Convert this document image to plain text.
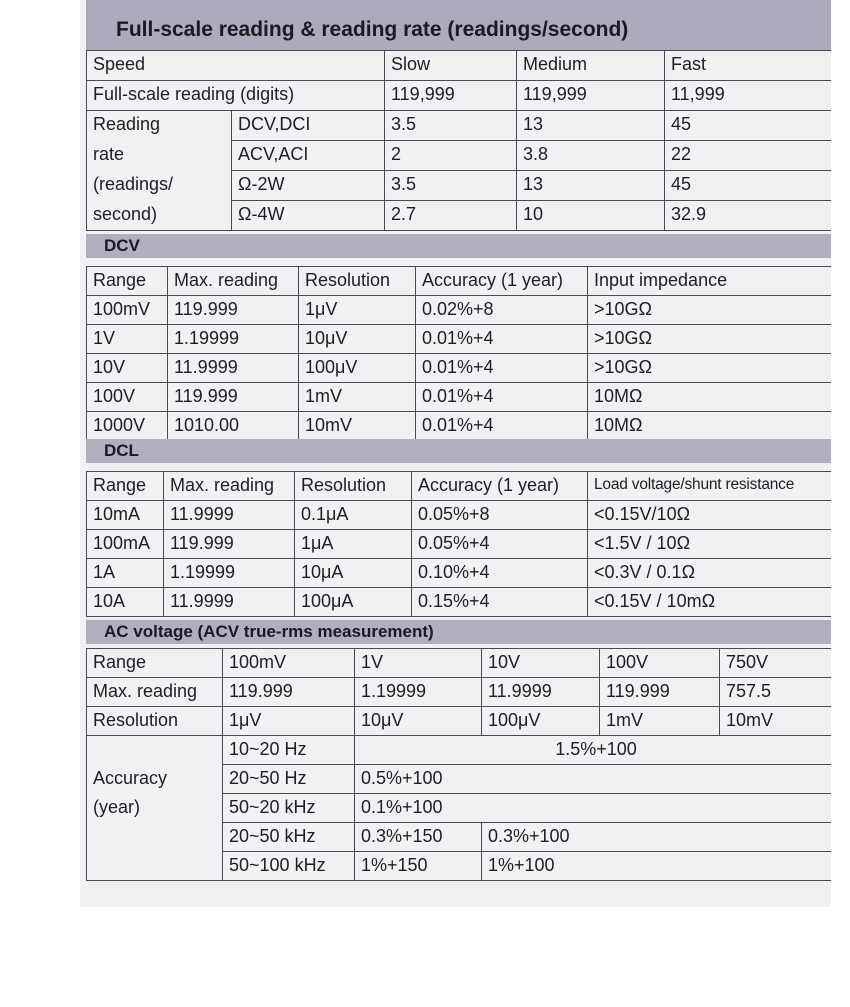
Full-scale reading & reading rate (readings/second)
Speed		Slow	Medium	Fast
Full-scale reading (digits)		119,999	119,999	11,999
Reading	DCV,DCI	3.5	13	45
rate	ACV,ACI	2	3.8	22
(readings/	Ω-2W	3.5	13	45
second)	Ω-4W	2.7	10	32.9
DCV
Range	Max. reading	Resolution	Accuracy (1 year)	Input impedance
100mV	119.999	1μV	0.02%+8	>10GΩ
1V	1.19999	10μV	0.01%+4	>10GΩ
10V	11.9999	100μV	0.01%+4	>10GΩ
100V	119.999	1mV	0.01%+4	10MΩ
1000V	1010.00	10mV	0.01%+4	10MΩ
DCL
Range	Max. reading	Resolution	Accuracy (1 year)	Load voltage/shunt resistance
10mA	11.9999	0.1μA	0.05%+8	<0.15V/10Ω
100mA	119.999	1μA	0.05%+4	<1.5V / 10Ω
1A	1.19999	10μA	0.10%+4	<0.3V / 0.1Ω
10A	11.9999	100μA	0.15%+4	<0.15V / 10mΩ
AC voltage (ACV true-rms measurement)
Range	100mV	1V	10V	100V	750V
Max. reading	119.999	1.19999	11.9999	119.999	757.5
Resolution	1μV	10μV	100μV	1mV	10mV
	10~20 Hz	1.5%+100			
Accuracy	20~50 Hz	0.5%+100			
(year)	50~20 kHz	0.1%+100			
	20~50 kHz	0.3%+150	0.3%+100		
	50~100 kHz	1%+150	1%+100		
